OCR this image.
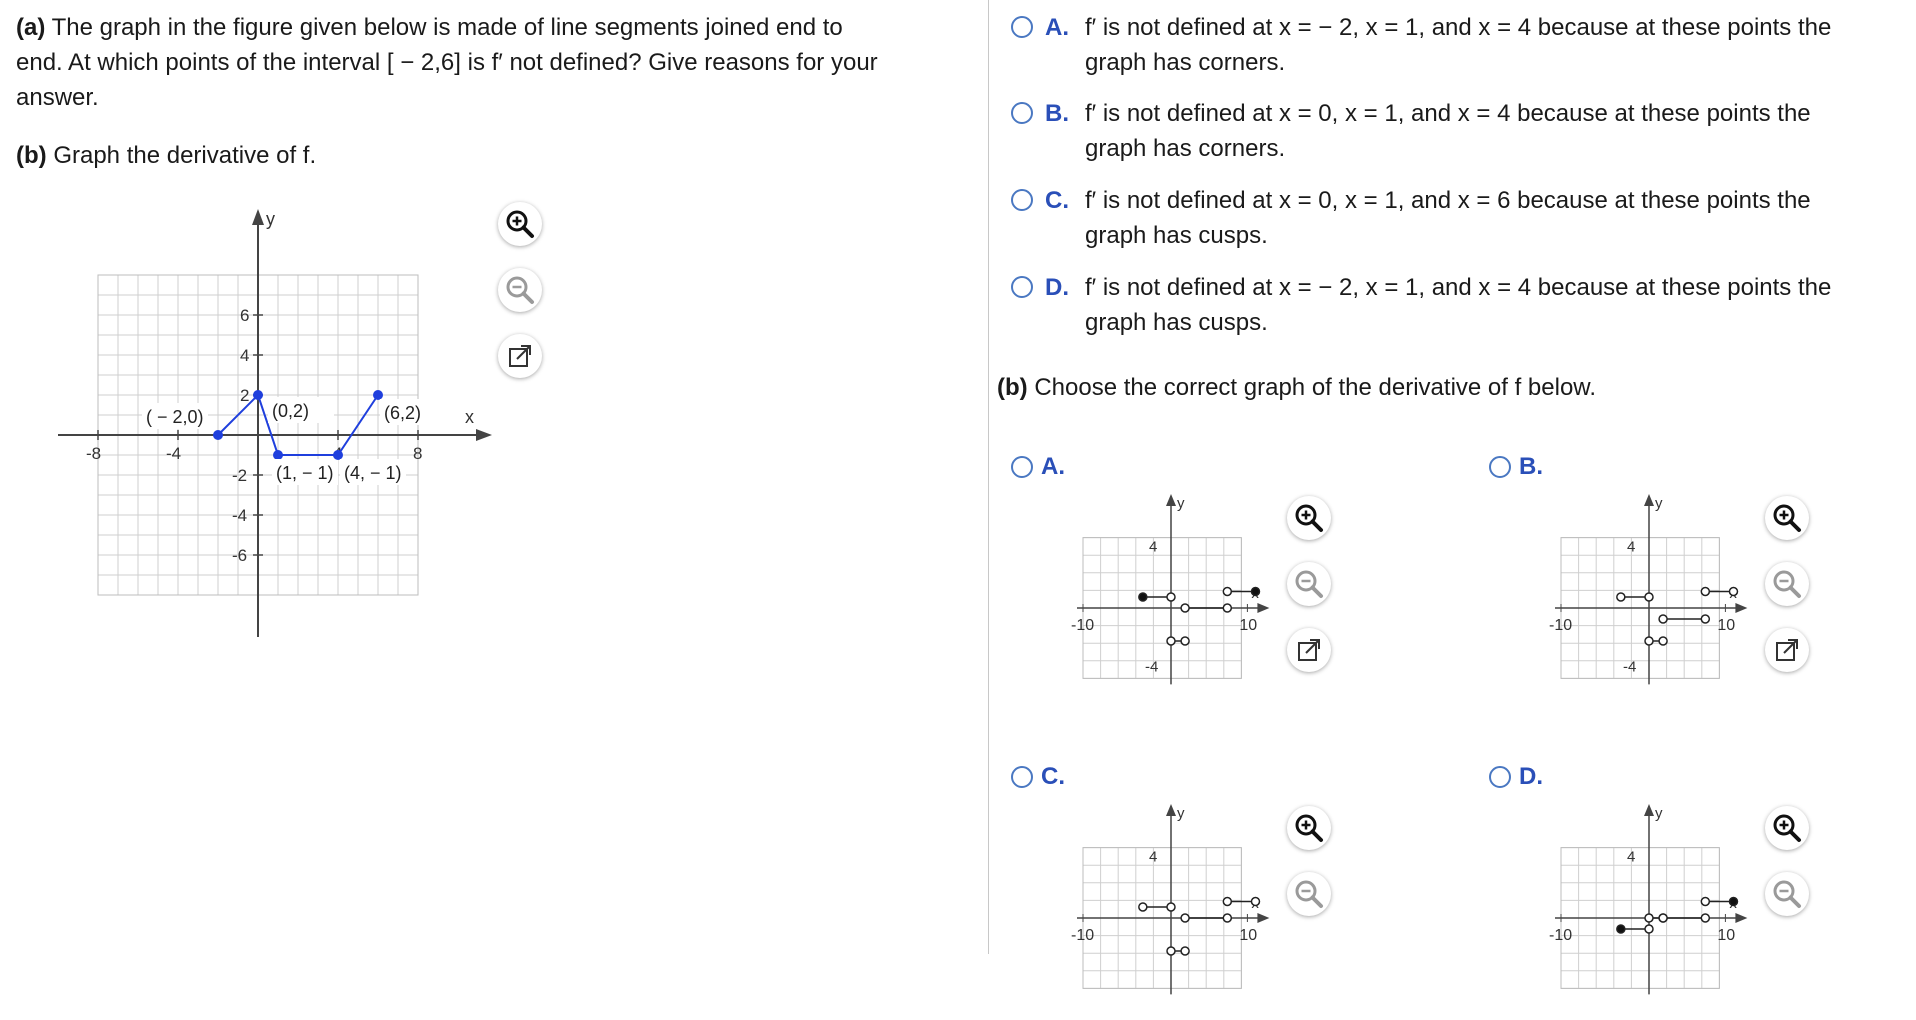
(a) The graph in the figure given below is made of line segments joined end to
end. At which points of the interval [ − 2,6] is f′ not defined? Give reasons for your
answer.
(b) Graph the derivative of f.
x
y
-8	-4	8
6
4
2
-2
-4
-6
( − 2,0)	(0,2)
(1, − 1) (4, − 1)
(6,2)
A. f′ is not defined at x = − 2, x = 1, and x = 4 because at these points the
graph has corners.
B. f′ is not defined at x = 0, x = 1, and x = 4 because at these points the
graph has corners.
C. f′ is not defined at x = 0, x = 1, and x = 6 because at these points the
graph has cusps.
D. f′ is not defined at x = − 2, x = 1, and x = 4 because at these points the
graph has cusps.
(b) Choose the correct graph of the derivative of f below.
A.
y
-10	10
4
-4
B.
y
-10	10
4
-4
C.
y
-10	10
4
D.
y
-10	10
4
